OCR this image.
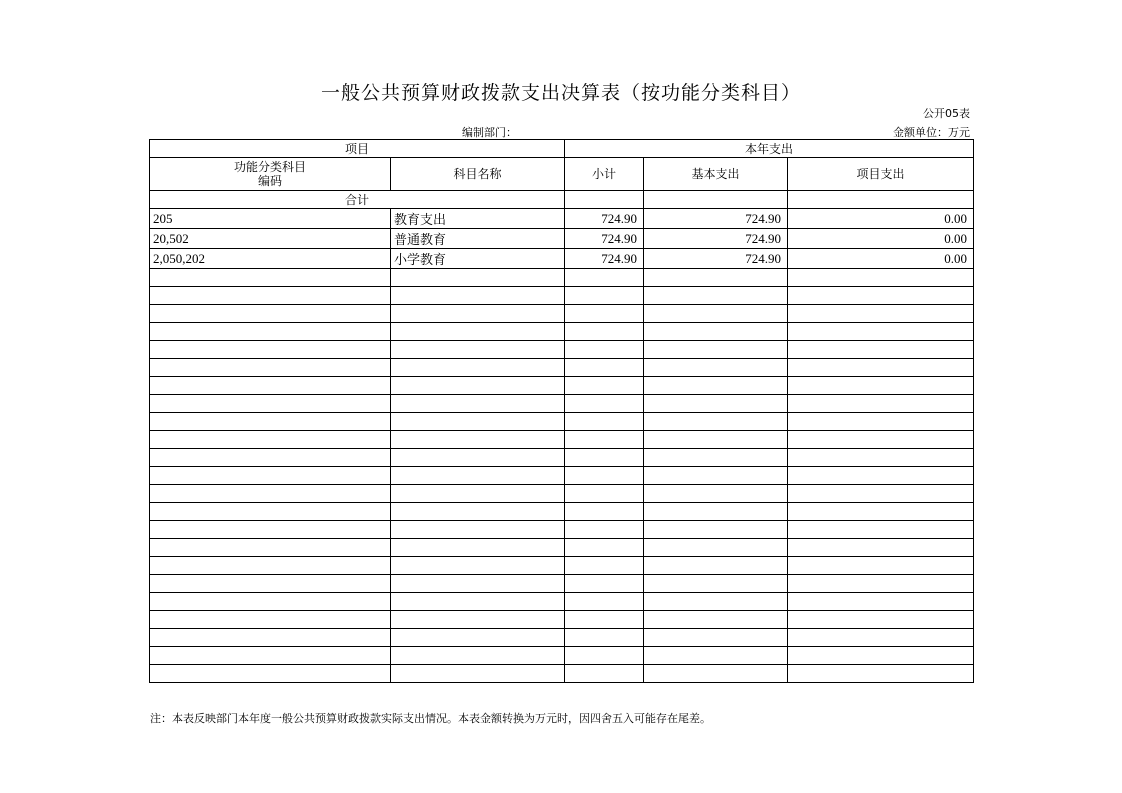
一般公共预算财政拨款支出决算表（按功能分类科目）
公开05表
编制部门：	金额单位：万元
项目		本年支出		

功能分类科目
编码	科目名称	小计	基本支出	项目支出
合计				
205	教育支出	724.90	724.90	0.00
20,502	普通教育	724.90	724.90	0.00
2,050,202	小学教育	724.90	724.90	0.00

注：本表反映部门本年度一般公共预算财政拨款实际支出情况。本表金额转换为万元时，因四舍五入可能存在尾差。
